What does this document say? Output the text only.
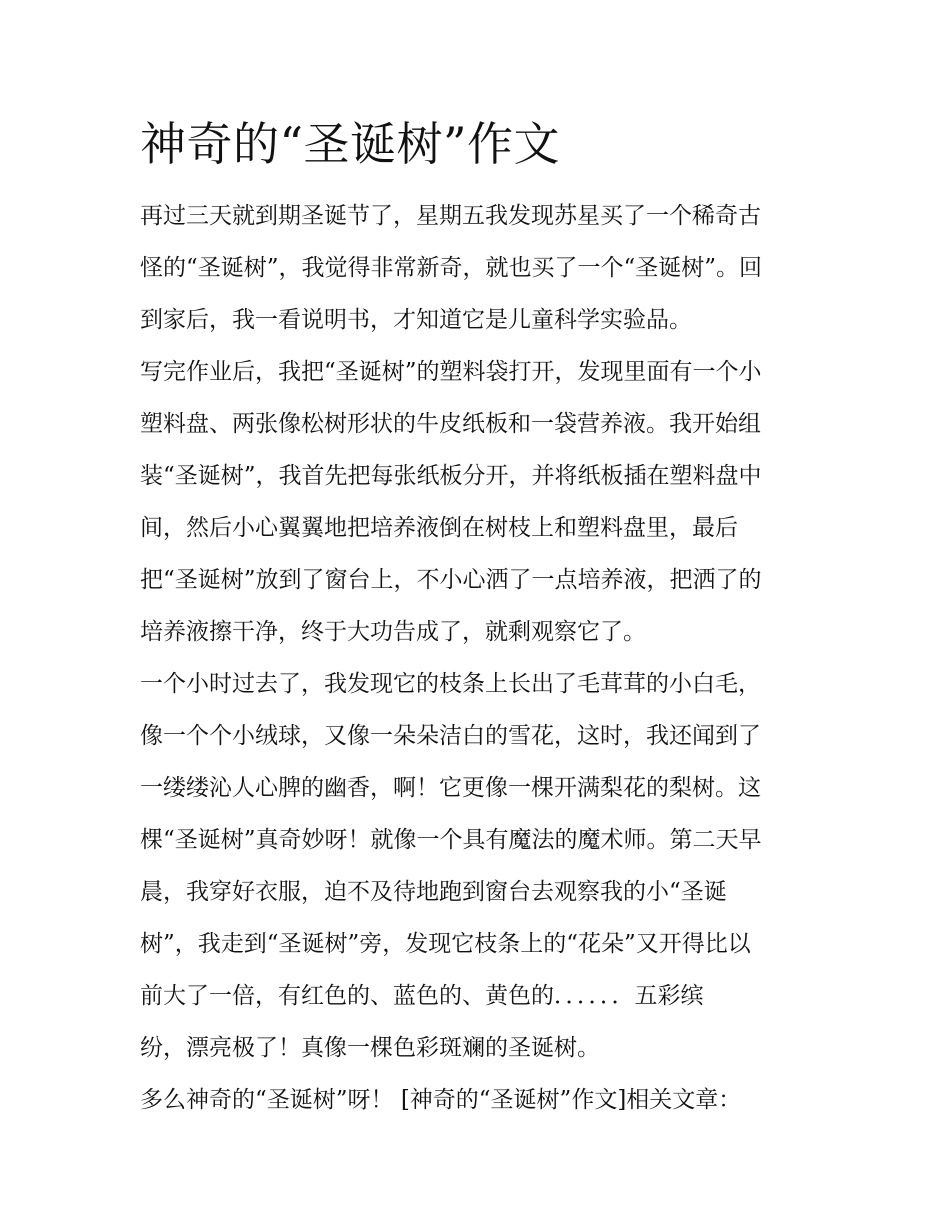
神奇的“圣诞树”作文
再过三天就到期圣诞节了，星期五我发现苏星买了一个稀奇古
怪的“圣诞树”，我觉得非常新奇，就也买了一个“圣诞树”。回
到家后，我一看说明书，才知道它是儿童科学实验品。
写完作业后，我把“圣诞树”的塑料袋打开，发现里面有一个小
塑料盘、两张像松树形状的牛皮纸板和一袋营养液。我开始组
装“圣诞树”，我首先把每张纸板分开，并将纸板插在塑料盘中
间，然后小心翼翼地把培养液倒在树枝上和塑料盘里，最后
把“圣诞树”放到了窗台上，不小心洒了一点培养液，把洒了的
培养液擦干净，终于大功告成了，就剩观察它了。
一个小时过去了，我发现它的枝条上长出了毛茸茸的小白毛，
像一个个小绒球，又像一朵朵洁白的雪花，这时，我还闻到了
一缕缕沁人心脾的幽香，啊！它更像一棵开满梨花的梨树。这
棵“圣诞树”真奇妙呀！就像一个具有魔法的魔术师。第二天早
晨，我穿好衣服，迫不及待地跑到窗台去观察我的小“圣诞
树”，我走到“圣诞树”旁，发现它枝条上的“花朵”又开得比以
前大了一倍，有红色的、蓝色的、黄色的．．．．．．五彩缤
纷，漂亮极了！真像一棵色彩斑斓的圣诞树。
多么神奇的“圣诞树”呀！ [神奇的“圣诞树”作文]相关文章：
